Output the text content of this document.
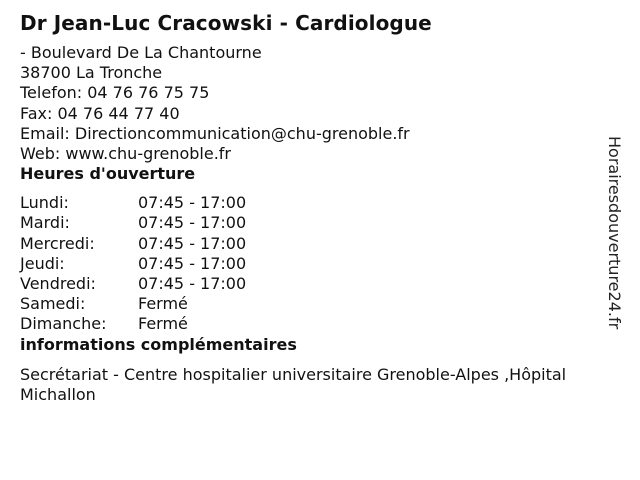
Dr Jean-Luc Cracowski - Cardiologue
- Boulevard De La Chantourne
38700 La Tronche
Telefon: 04 76 76 75 75
Fax: 04 76 44 77 40
Email: Directioncommunication@chu-grenoble.fr
Web: www.chu-grenoble.fr
Heures d'ouverture
Lundi:	07:45 - 17:00
Mardi:	07:45 - 17:00
Mercredi:	07:45 - 17:00
Jeudi:	07:45 - 17:00
Vendredi:	07:45 - 17:00
Samedi:	Fermé
Dimanche:	Fermé
informations complémentaires
Secrétariat - Centre hospitalier universitaire Grenoble-Alpes ,Hôpital Michallon
Horairesdouverture24.fr
